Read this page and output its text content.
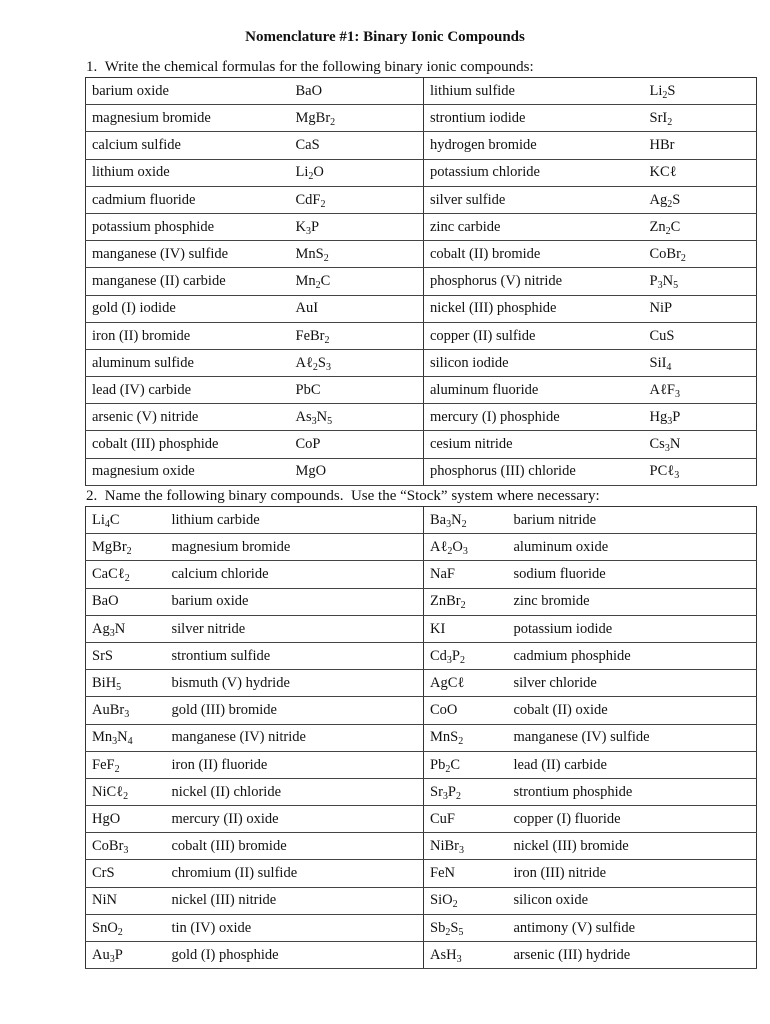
Nomenclature #1: Binary Ionic Compounds
1.  Write the chemical formulas for the following binary ionic compounds:
barium oxide	BaO	lithium sulfide	$Li_2S$
magnesium bromide	MgBr$_2$	strontium iodide	SrI$_2$
calcium sulfide	CaS	hydrogen bromide	HBr
lithium oxide	$Li_2O$	potassium chloride	KCℓ
cadmium fluoride	CdF$_2$	silver sulfide	$Ag_2S$
potassium phosphide	$K_3P$	zinc carbide	$Zn_2C$
manganese (IV) sulfide	MnS$_2$	cobalt (II) bromide	CoBr$_2$
manganese (II) carbide	$Mn_2C$	phosphorus (V) nitride	$P_3N_5$
gold (I) iodide	AuI	nickel (III) phosphide	NiP
iron (II) bromide	FeBr$_2$	copper (II) sulfide	CuS
aluminum sulfide	$A\ell_2S_3$	silicon iodide	SiI$_4$
lead (IV) carbide	PbC	aluminum fluoride	AℓF$_3$
arsenic (V) nitride	$As_3N_5$	mercury (I) phosphide	$Hg_3P$
cobalt (III) phosphide	CoP	cesium nitride	$Cs_3N$
magnesium oxide	MgO	phosphorus (III) chloride	PCℓ$_3$
2.  Name the following binary compounds.  Use the “Stock” system where necessary:
$Li_4C$	lithium carbide	$Ba_3N_2$	barium nitride
MgBr$_2$	magnesium bromide	$A\ell_2O_3$	aluminum oxide
CaCℓ$_2$	calcium chloride	NaF	sodium fluoride
BaO	barium oxide	ZnBr$_2$	zinc bromide
$Ag_3N$	silver nitride	KI	potassium iodide
SrS	strontium sulfide	$Cd_3P_2$	cadmium phosphide
BiH$_5$	bismuth (V) hydride	AgCℓ	silver chloride
AuBr$_3$	gold (III) bromide	CoO	cobalt (II) oxide
$Mn_3N_4$	manganese (IV) nitride	MnS$_2$	manganese (IV) sulfide
FeF$_2$	iron (II) fluoride	$Pb_2C$	lead (II) carbide
NiCℓ$_2$	nickel (II) chloride	$Sr_3P_2$	strontium phosphide
HgO	mercury (II) oxide	CuF	copper (I) fluoride
CoBr$_3$	cobalt (III) bromide	NiBr$_3$	nickel (III) bromide
CrS	chromium (II) sulfide	FeN	iron (III) nitride
NiN	nickel (III) nitride	SiO$_2$	silicon oxide
SnO$_2$	tin (IV) oxide	$Sb_2S_5$	antimony (V) sulfide
$Au_3P$	gold (I) phosphide	AsH$_3$	arsenic (III) hydride
